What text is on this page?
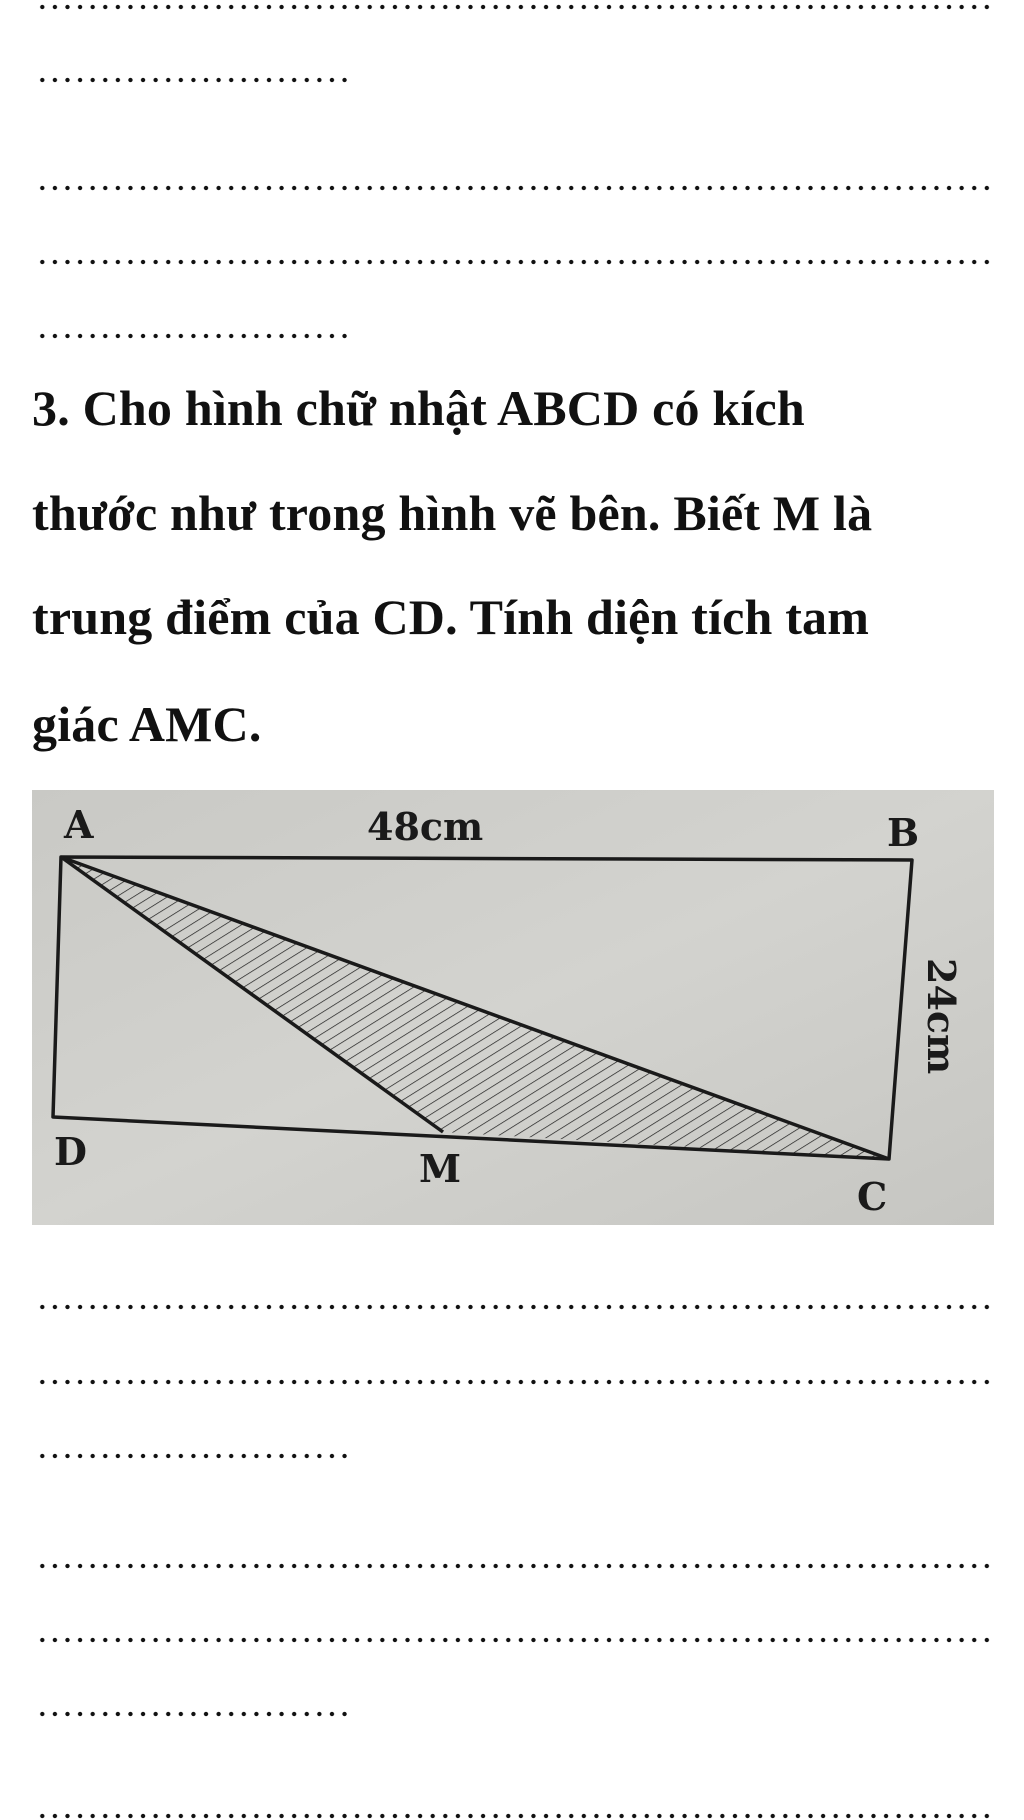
3. Cho hình chữ nhật ABCD có kích
thước như trong hình vẽ bên. Biết M là
trung điểm của CD. Tính diện tích tam
giác AMC.
A	B
D	M
C
48cm
24cm
